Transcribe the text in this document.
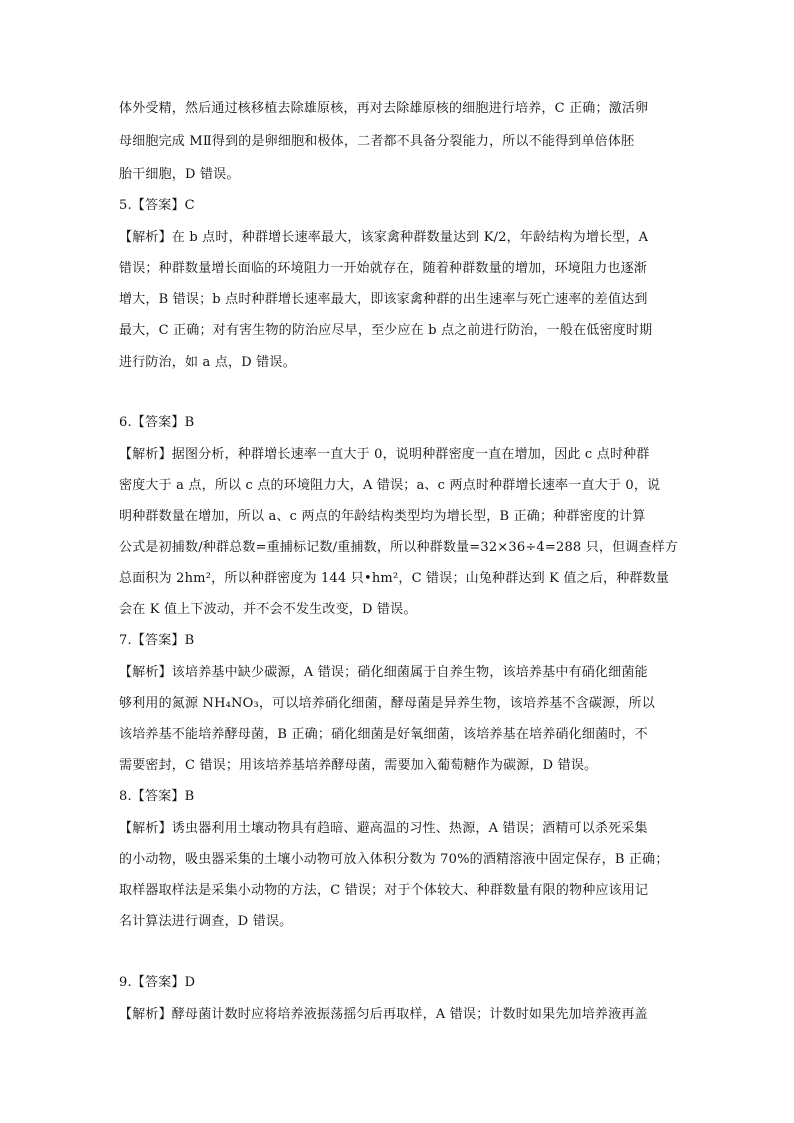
体外受精，然后通过核移植去除雄原核，再对去除雄原核的细胞进行培养，C 正确；激活卵
母细胞完成 MⅡ得到的是卵细胞和极体，二者都不具备分裂能力，所以不能得到单倍体胚
胎干细胞，D 错误。
5.【答案】C
【解析】在 b 点时，种群增长速率最大，该家禽种群数量达到 K/2，年龄结构为增长型，A
错误；种群数量增长面临的环境阻力一开始就存在，随着种群数量的增加，环境阻力也逐渐
增大，B 错误；b 点时种群增长速率最大，即该家禽种群的出生速率与死亡速率的差值达到
最大，C 正确；对有害生物的防治应尽早，至少应在 b 点之前进行防治，一般在低密度时期
进行防治，如 a 点，D 错误。
6.【答案】B
【解析】据图分析，种群增长速率一直大于 0，说明种群密度一直在增加，因此 c 点时种群
密度大于 a 点，所以 c 点的环境阻力大，A 错误；a、c 两点时种群增长速率一直大于 0，说
明种群数量在增加，所以 a、c 两点的年龄结构类型均为增长型，B 正确；种群密度的计算
公式是初捕数/种群总数=重捕标记数/重捕数，所以种群数量=32×36÷4=288 只，但调查样方
总面积为 2hm²，所以种群密度为 144 只•hm²，C 错误；山兔种群达到 K 值之后，种群数量
会在 K 值上下波动，并不会不发生改变，D 错误。
7.【答案】B
【解析】该培养基中缺少碳源，A 错误；硝化细菌属于自养生物，该培养基中有硝化细菌能
够利用的氮源 NH₄NO₃，可以培养硝化细菌，酵母菌是异养生物，该培养基不含碳源，所以
该培养基不能培养酵母菌，B 正确；硝化细菌是好氧细菌，该培养基在培养硝化细菌时，不
需要密封，C 错误；用该培养基培养酵母菌，需要加入葡萄糖作为碳源，D 错误。
8.【答案】B
【解析】诱虫器利用土壤动物具有趋暗、避高温的习性、热源，A 错误；酒精可以杀死采集
的小动物，吸虫器采集的土壤小动物可放入体积分数为 70%的酒精溶液中固定保存，B 正确；
取样器取样法是采集小动物的方法，C 错误；对于个体较大、种群数量有限的物种应该用记
名计算法进行调查，D 错误。
9.【答案】D
【解析】酵母菌计数时应将培养液振荡摇匀后再取样，A 错误；计数时如果先加培养液再盖
